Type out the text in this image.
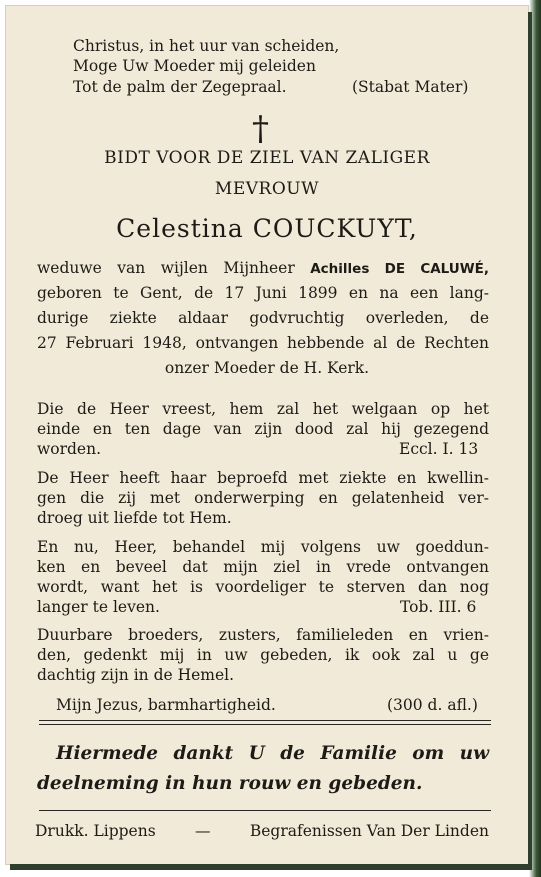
Christus, in het uur van scheiden,
Moge Uw Moeder mij geleiden
Tot de palm der Zegepraal.	(Stabat Mater)
†
BIDT VOOR DE ZIEL VAN ZALIGER
MEVROUW
Celestina COUCKUYT,
weduwe van wijlen Mijnheer Achilles DE CALUWÉ,
geboren te Gent, de 17 Juni 1899 en na een lang-
durige ziekte aldaar godvruchtig overleden, de
27 Februari 1948, ontvangen hebbende al de Rechten
onzer Moeder de H. Kerk.
Die de Heer vreest, hem zal het welgaan op het
einde en ten dage van zijn dood zal hij gezegend
worden.	Eccl. I. 13
De Heer heeft haar beproefd met ziekte en kwellin-
gen die zij met onderwerping en gelatenheid ver-
droeg uit liefde tot Hem.
En nu, Heer, behandel mij volgens uw goeddun-
ken en beveel dat mijn ziel in vrede ontvangen
wordt, want het is voordeliger te sterven dan nog
langer te leven.	Tob. III. 6
Duurbare broeders, zusters, familieleden en vrien-
den, gedenkt mij in uw gebeden, ik ook zal u ge
dachtig zijn in de Hemel.
Mijn Jezus, barmhartigheid.	(300 d. afl.)
Hiermede dankt U de Familie om uw
deelneming in hun rouw en gebeden.
Drukk. Lippens	—	Begrafenissen Van Der Linden
